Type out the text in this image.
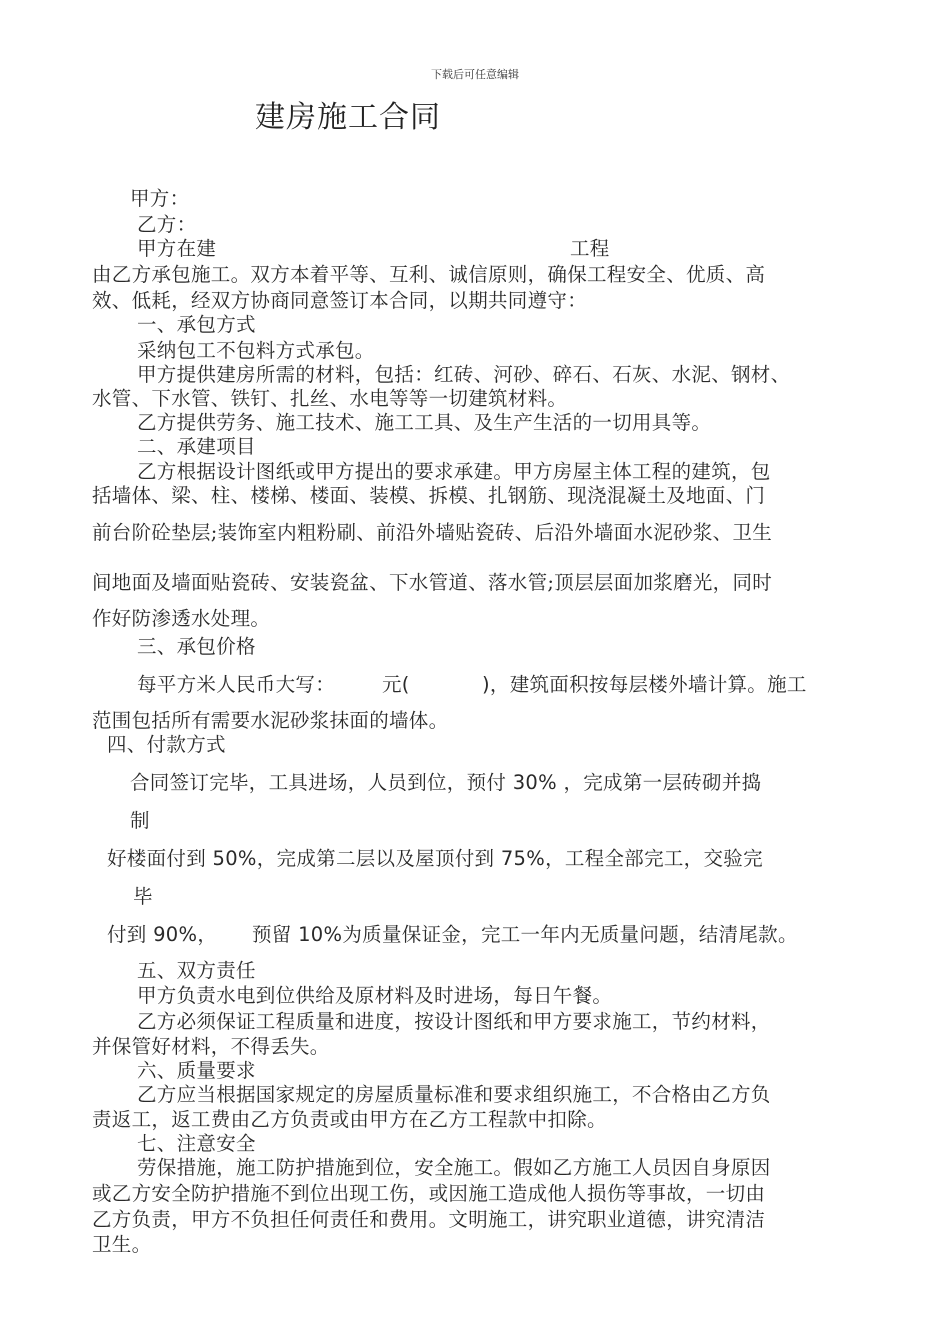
下载后可任意编辑
建房施工合同
甲方：
乙方：
甲方在建	工程
由乙方承包施工。双方本着平等、互利、诚信原则，确保工程安全、优质、高
效、低耗，经双方协商同意签订本合同，以期共同遵守：
一、承包方式
采纳包工不包料方式承包。
甲方提供建房所需的材料，包括：红砖、河砂、碎石、石灰、水泥、钢材、
水管、下水管、铁钉、扎丝、水电等等一切建筑材料。
乙方提供劳务、施工技术、施工工具、及生产生活的一切用具等。
二、承建项目
乙方根据设计图纸或甲方提出的要求承建。甲方房屋主体工程的建筑，包
括墙体、梁、柱、楼梯、楼面、装模、拆模、扎钢筋、现浇混凝土及地面、门
前台阶砼垫层;装饰室内粗粉刷、前沿外墙贴瓷砖、后沿外墙面水泥砂浆、卫生
间地面及墙面贴瓷砖、安装瓷盆、下水管道、落水管;顶层层面加浆磨光，同时
作好防渗透水处理。
三、承包价格
每平方米人民币大写： 元(	)，建筑面积按每层楼外墙计算。施工
范围包括所有需要水泥砂浆抹面的墙体。
四、付款方式
合同签订完毕，工具进场，人员到位，预付 30% ，完成第一层砖砌并捣
制
好楼面付到 50%，完成第二层以及屋顶付到 75%，工程全部完工，交验完
毕
付到 90%， 预留 10%为质量保证金，完工一年内无质量问题，结清尾款。
五、双方责任
甲方负责水电到位供给及原材料及时进场，每日午餐。
乙方必须保证工程质量和进度，按设计图纸和甲方要求施工，节约材料，
并保管好材料，不得丢失。
六、质量要求
乙方应当根据国家规定的房屋质量标准和要求组织施工，不合格由乙方负
责返工，返工费由乙方负责或由甲方在乙方工程款中扣除。
七、注意安全
劳保措施，施工防护措施到位，安全施工。假如乙方施工人员因自身原因
或乙方安全防护措施不到位出现工伤，或因施工造成他人损伤等事故，一切由
乙方负责，甲方不负担任何责任和费用。文明施工，讲究职业道德，讲究清洁
卫生。
